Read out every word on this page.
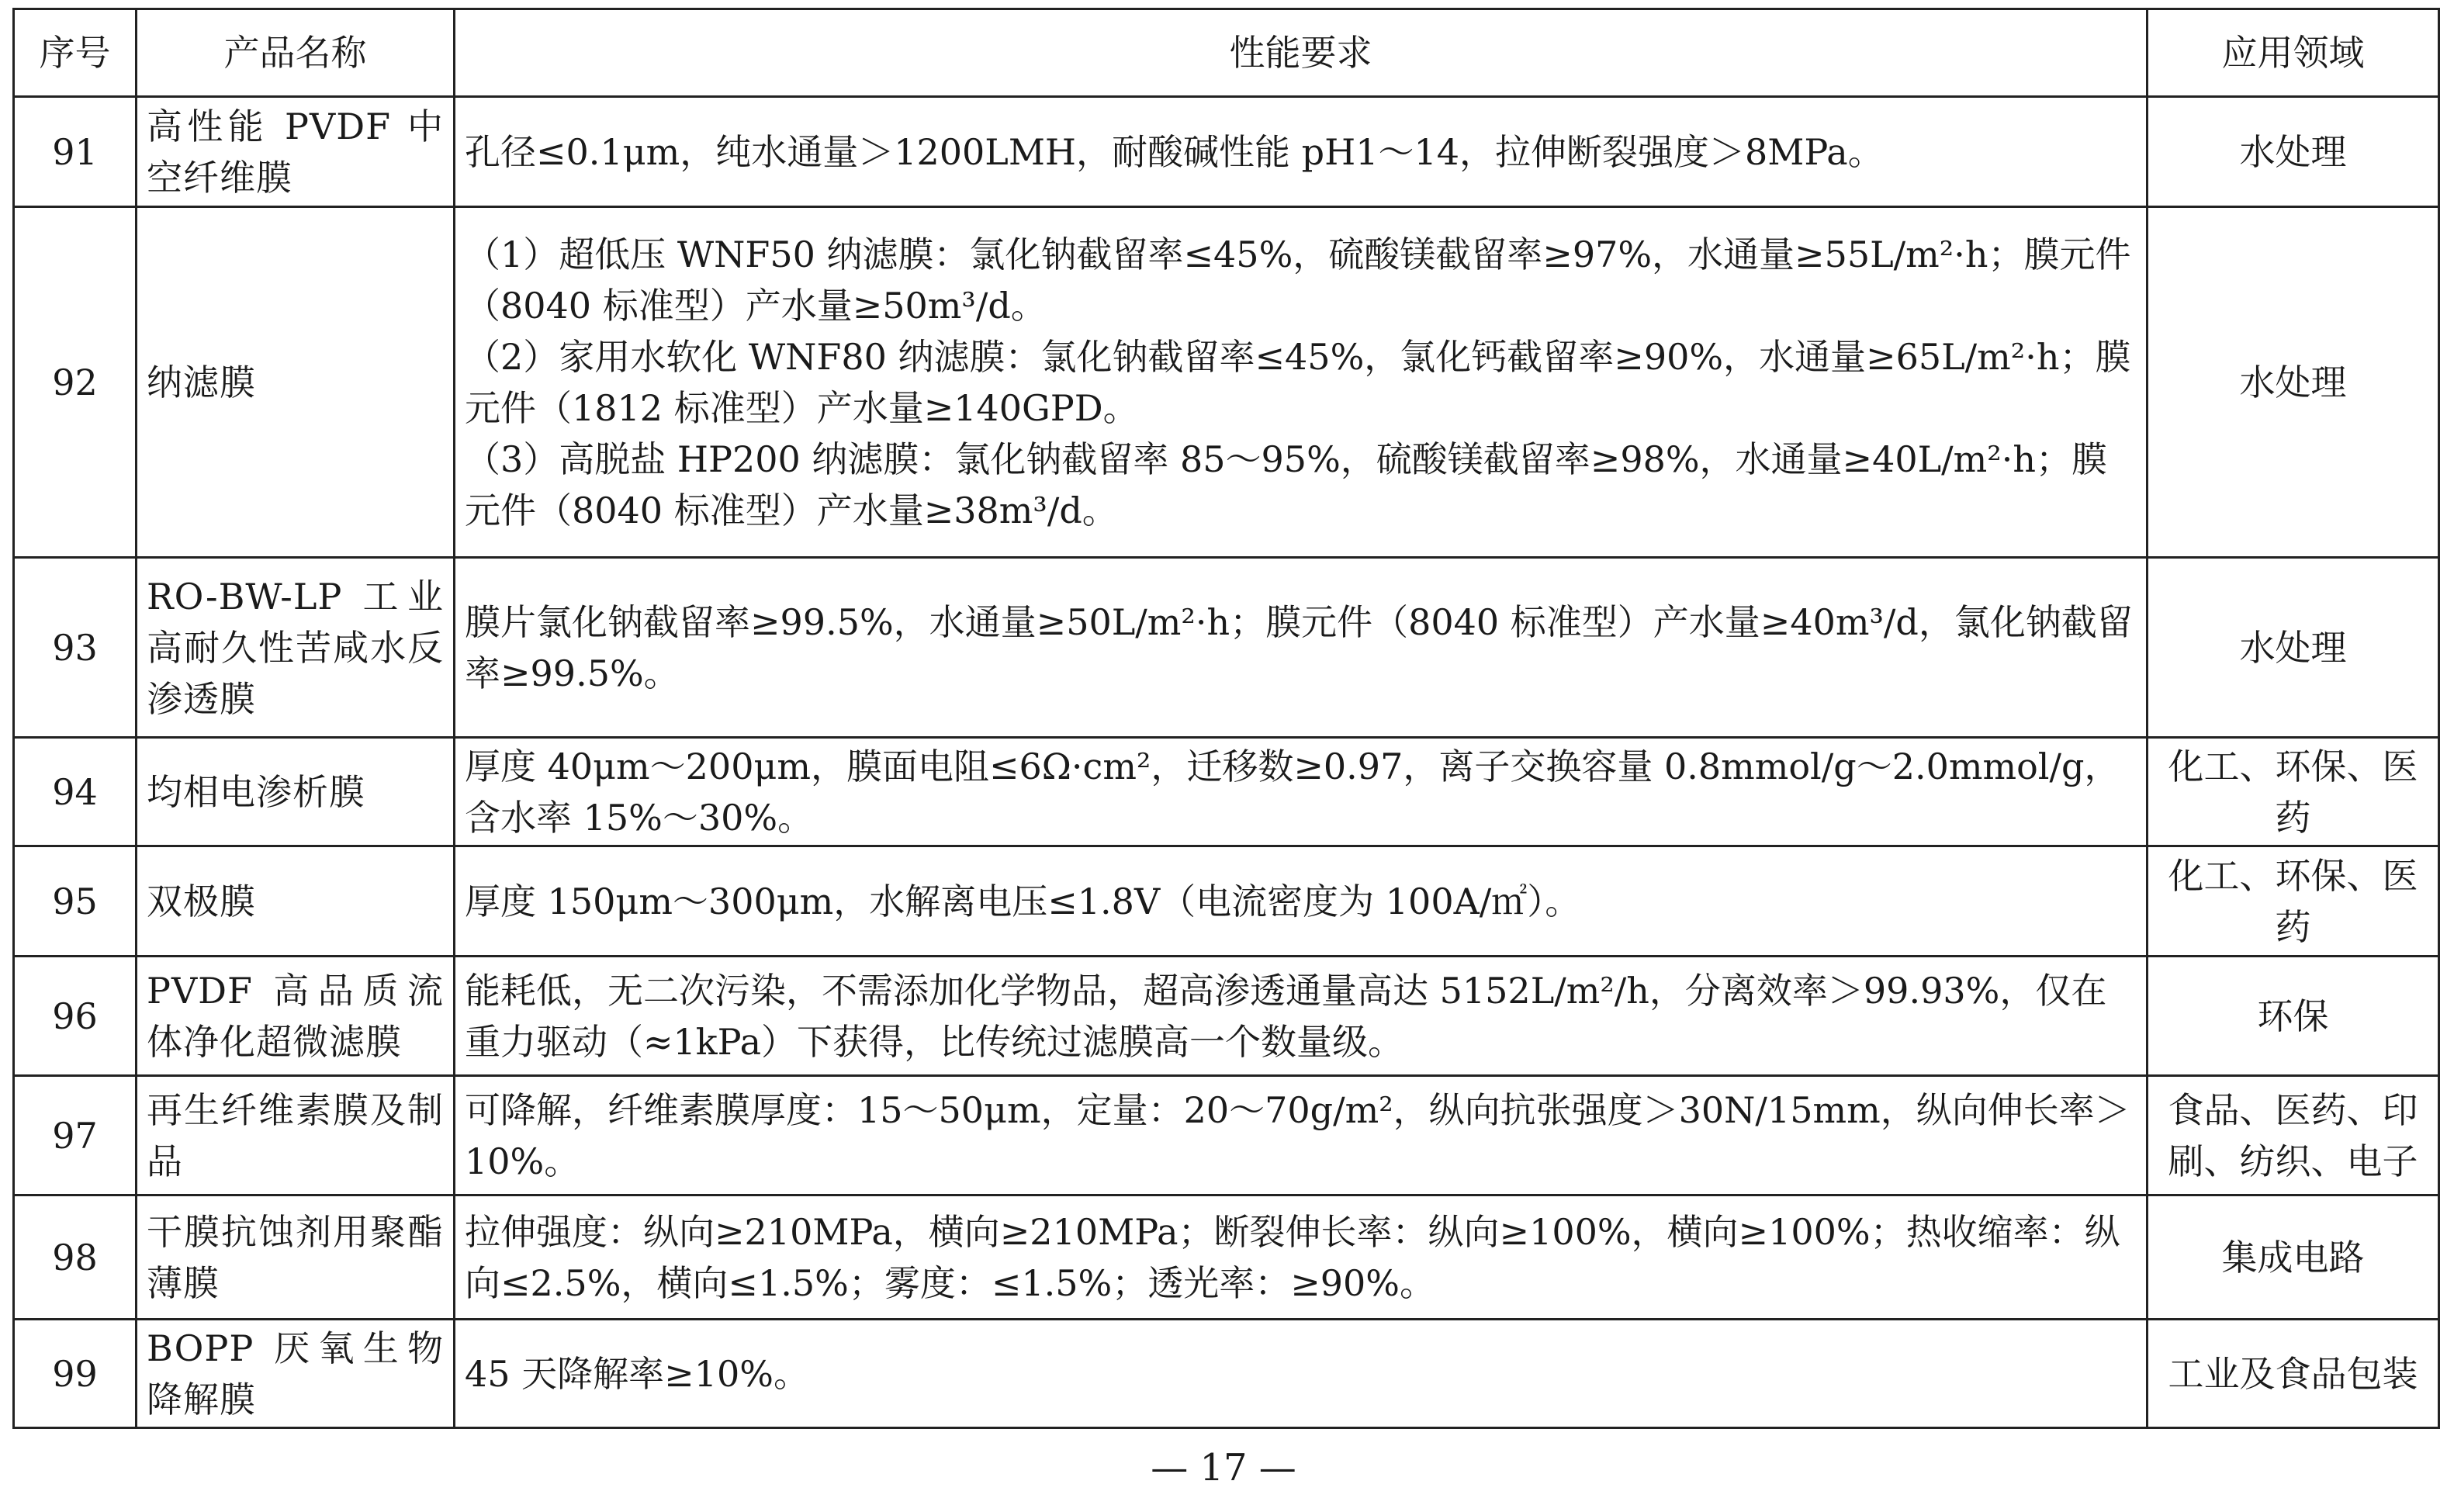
序号	产品名称	性能要求	应用领域
91	高性能 PVDF 中空纤维膜	孔径≤0.1μm，纯水通量＞1200LMH，耐酸碱性能 pH1～14，拉伸断裂强度＞8MPa。	水处理
92	纳滤膜	（1）超低压 WNF50 纳滤膜：氯化钠截留率≤45%，硫酸镁截留率≥97%，水通量≥55L/m²·h；膜元件（8040 标准型）产水量≥50m³/d。
（2）家用水软化 WNF80 纳滤膜：氯化钠截留率≤45%，氯化钙截留率≥90%，水通量≥65L/m²·h；膜元件（1812 标准型）产水量≥140GPD。
（3）高脱盐 HP200 纳滤膜：氯化钠截留率 85～95%，硫酸镁截留率≥98%，水通量≥40L/m²·h；膜元件（8040 标准型）产水量≥38m³/d。	水处理
93	RO-BW-LP 工业高耐久性苦咸水反渗透膜	膜片氯化钠截留率≥99.5%，水通量≥50L/m²·h；膜元件（8040 标准型）产水量≥40m³/d，氯化钠截留率≥99.5%。	水处理
94	均相电渗析膜	厚度 40μm～200μm，膜面电阻≤6Ω·cm²，迁移数≥0.97，离子交换容量 0.8mmol/g～2.0mmol/g，含水率 15%～30%。	化工、环保、医药
95	双极膜	厚度 150μm～300μm，水解离电压≤1.8V（电流密度为 100A/㎡）。	化工、环保、医药
96	PVDF 高品质流体净化超微滤膜	能耗低，无二次污染，不需添加化学物品，超高渗透通量高达 5152L/m²/h，分离效率＞99.93%，仅在重力驱动（≈1kPa）下获得，比传统过滤膜高一个数量级。	环保
97	再生纤维素膜及制品	可降解，纤维素膜厚度：15～50μm，定量：20～70g/m²，纵向抗张强度＞30N/15mm，纵向伸长率＞10%。	食品、医药、印刷、纺织、电子
98	干膜抗蚀剂用聚酯薄膜	拉伸强度：纵向≥210MPa，横向≥210MPa；断裂伸长率：纵向≥100%，横向≥100%；热收缩率：纵向≤2.5%，横向≤1.5%；雾度：≤1.5%；透光率：≥90%。	集成电路
99	BOPP 厌氧生物降解膜	45 天降解率≥10%。	工业及食品包装
— 17 —
